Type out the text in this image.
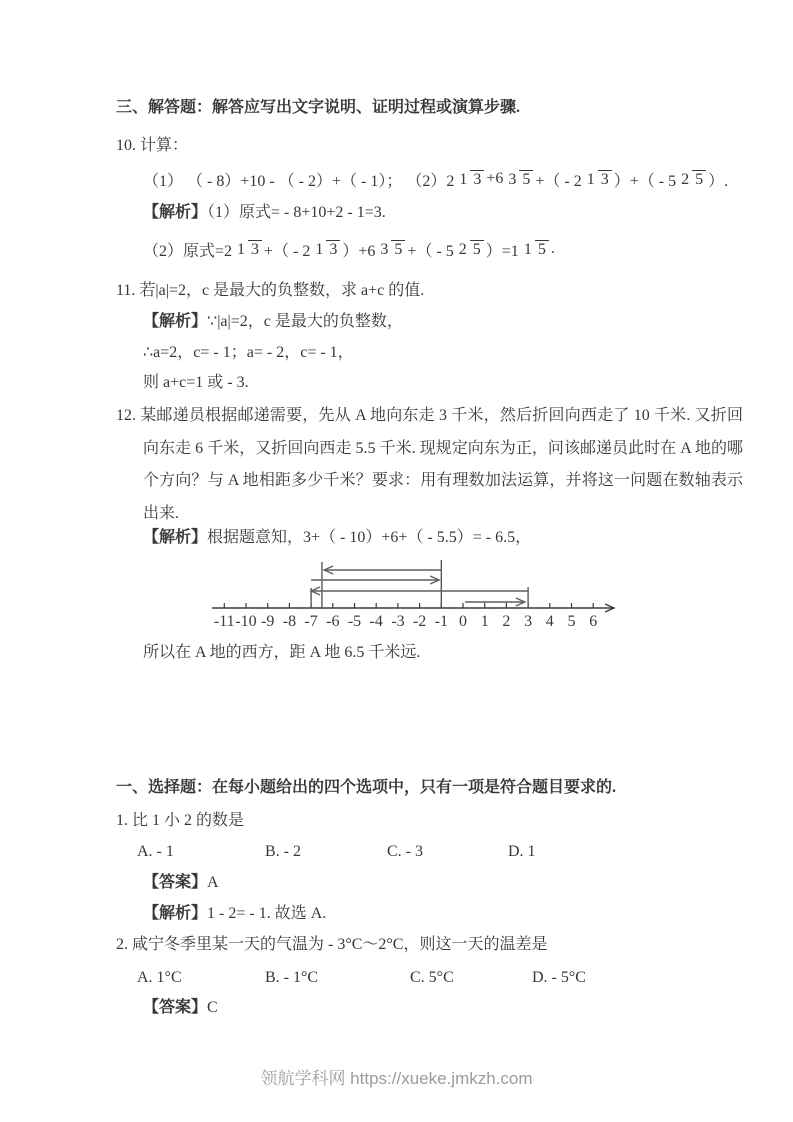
三、解答题：解答应写出文字说明、证明过程或演算步骤.
10. 计算：
（1） （ - 8）+10 - （ - 2）+（ - 1）； （2）2 1 3 +6 3 5 +（ - 2 1 3 ）+（ - 5 2 5 ）.
【解析】（1）原式= - 8+10+2 - 1=3.
（2）原式=2 1 3 +（ - 2 1 3 ）+6 3 5 +（ - 5 2 5 ）=1 1 5 .
11. 若|a|=2，c 是最大的负整数，求 a+c 的值.
【解析】∵|a|=2，c 是最大的负整数，
∴a=2，c= - 1；a= - 2，c= - 1，
则 a+c=1 或 - 3.
12. 某邮递员根据邮递需要，先从 A 地向东走 3 千米，然后折回向西走了 10 千米. 又折回向东走 6 千米，又折回向西走 5.5 千米. 现规定向东为正，问该邮递员此时在 A 地的哪个方向？与 A 地相距多少千米？要求：用有理数加法运算，并将这一问题在数轴表示出来.
【解析】根据题意知，3+（ - 10）+6+（ - 5.5）= - 6.5，
-11 -10 -9 -8 -7 -6 -5 -4 -3 -2 -1 0 1 2 3 4 5 6
所以在 A 地的西方，距 A 地 6.5 千米远.
一、选择题：在每小题给出的四个选项中，只有一项是符合题目要求的.
1. 比 1 小 2 的数是
A. - 1	B. - 2	C. - 3	D. 1
【答案】A
【解析】1 - 2= - 1. 故选 A.
2. 咸宁冬季里某一天的气温为 - 3°C～2°C，则这一天的温差是
A. 1°C	B. - 1°C	C. 5°C	D. - 5°C
【答案】C
领航学科网 https://xueke.jmkzh.com
